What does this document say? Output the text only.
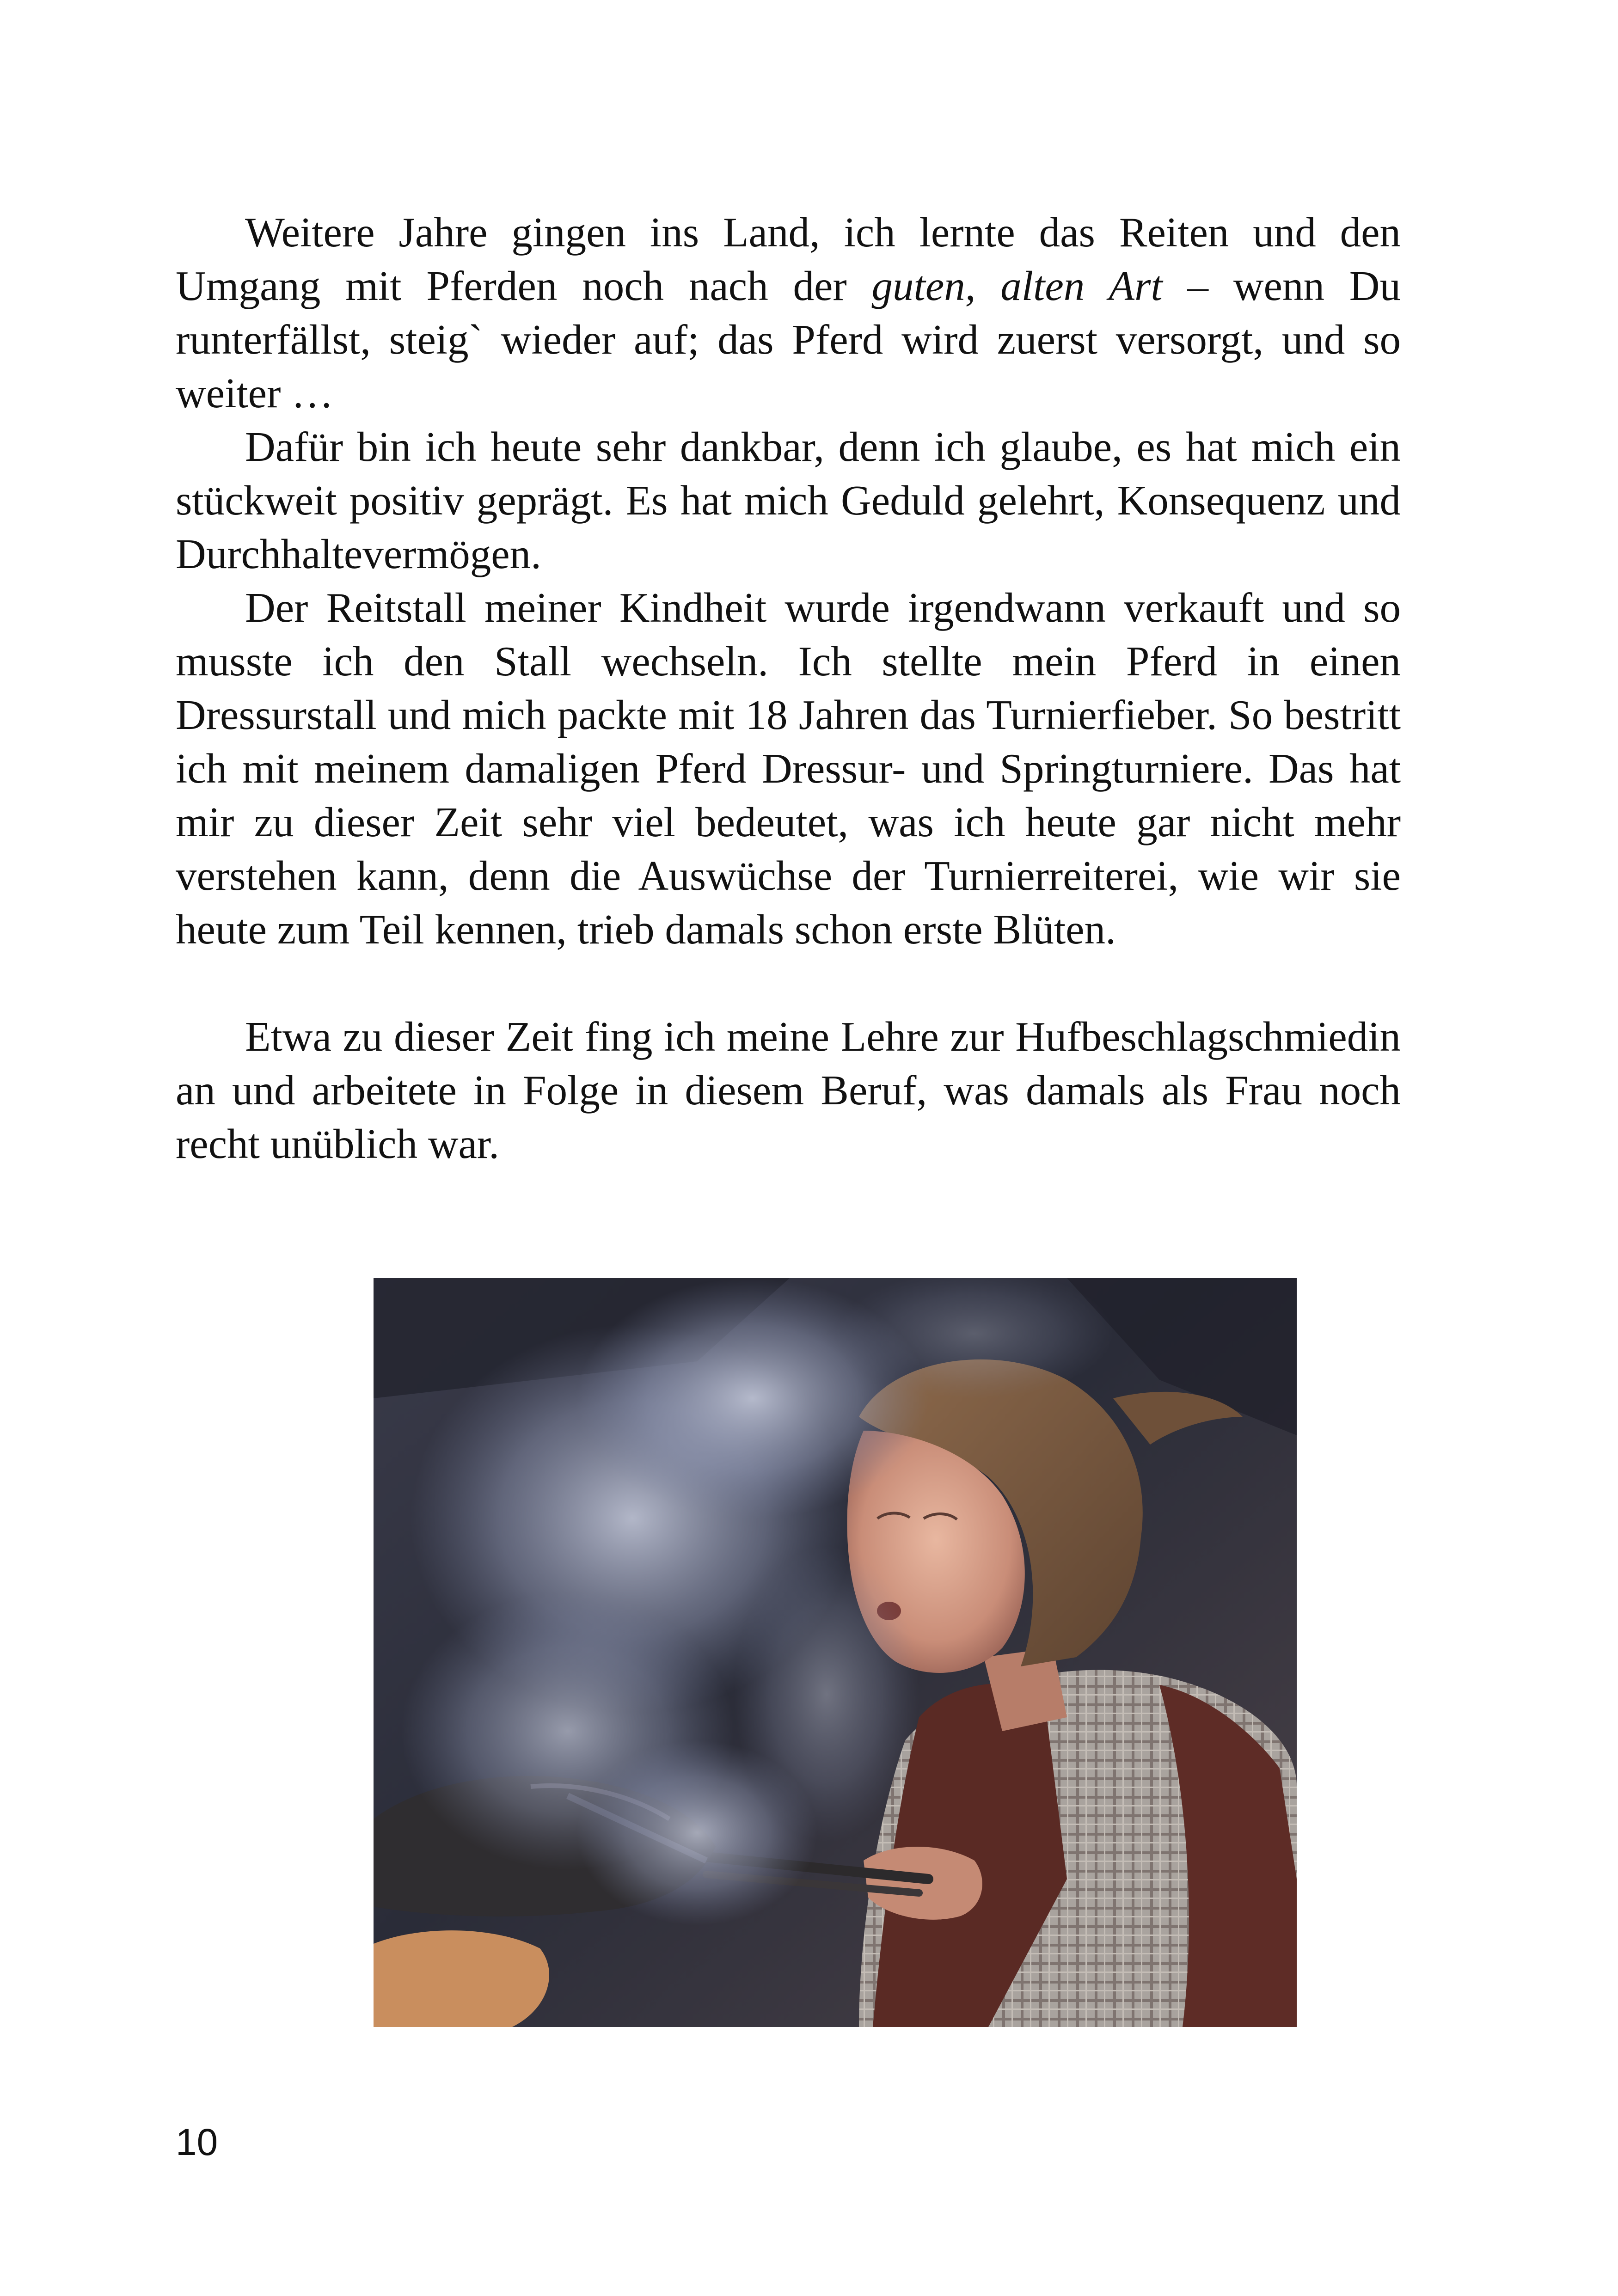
Weitere Jahre gingen ins Land, ich lernte das Reiten und den Umgang mit Pferden noch nach der guten, alten Art – wenn Du runterfällst, steig` wieder auf; das Pferd wird zuerst versorgt, und so weiter …

Dafür bin ich heute sehr dankbar, denn ich glaube, es hat mich ein stückweit positiv geprägt. Es hat mich Geduld gelehrt, Konsequenz und Durchhaltevermögen.

Der Reitstall meiner Kindheit wurde irgendwann verkauft und so musste ich den Stall wechseln. Ich stellte mein Pferd in einen Dressurstall und mich packte mit 18 Jahren das Turnierfieber. So bestritt ich mit meinem damaligen Pferd Dressur- und Springturniere. Das hat mir zu dieser Zeit sehr viel bedeutet, was ich heute gar nicht mehr verstehen kann, denn die Auswüchse der Turnierreiterei, wie wir sie heute zum Teil kennen, trieb damals schon erste Blüten.

Etwa zu dieser Zeit fing ich meine Lehre zur Hufbeschlagschmiedin an und arbeitete in Folge in diesem Beruf, was damals als Frau noch recht unüblich war.

10
